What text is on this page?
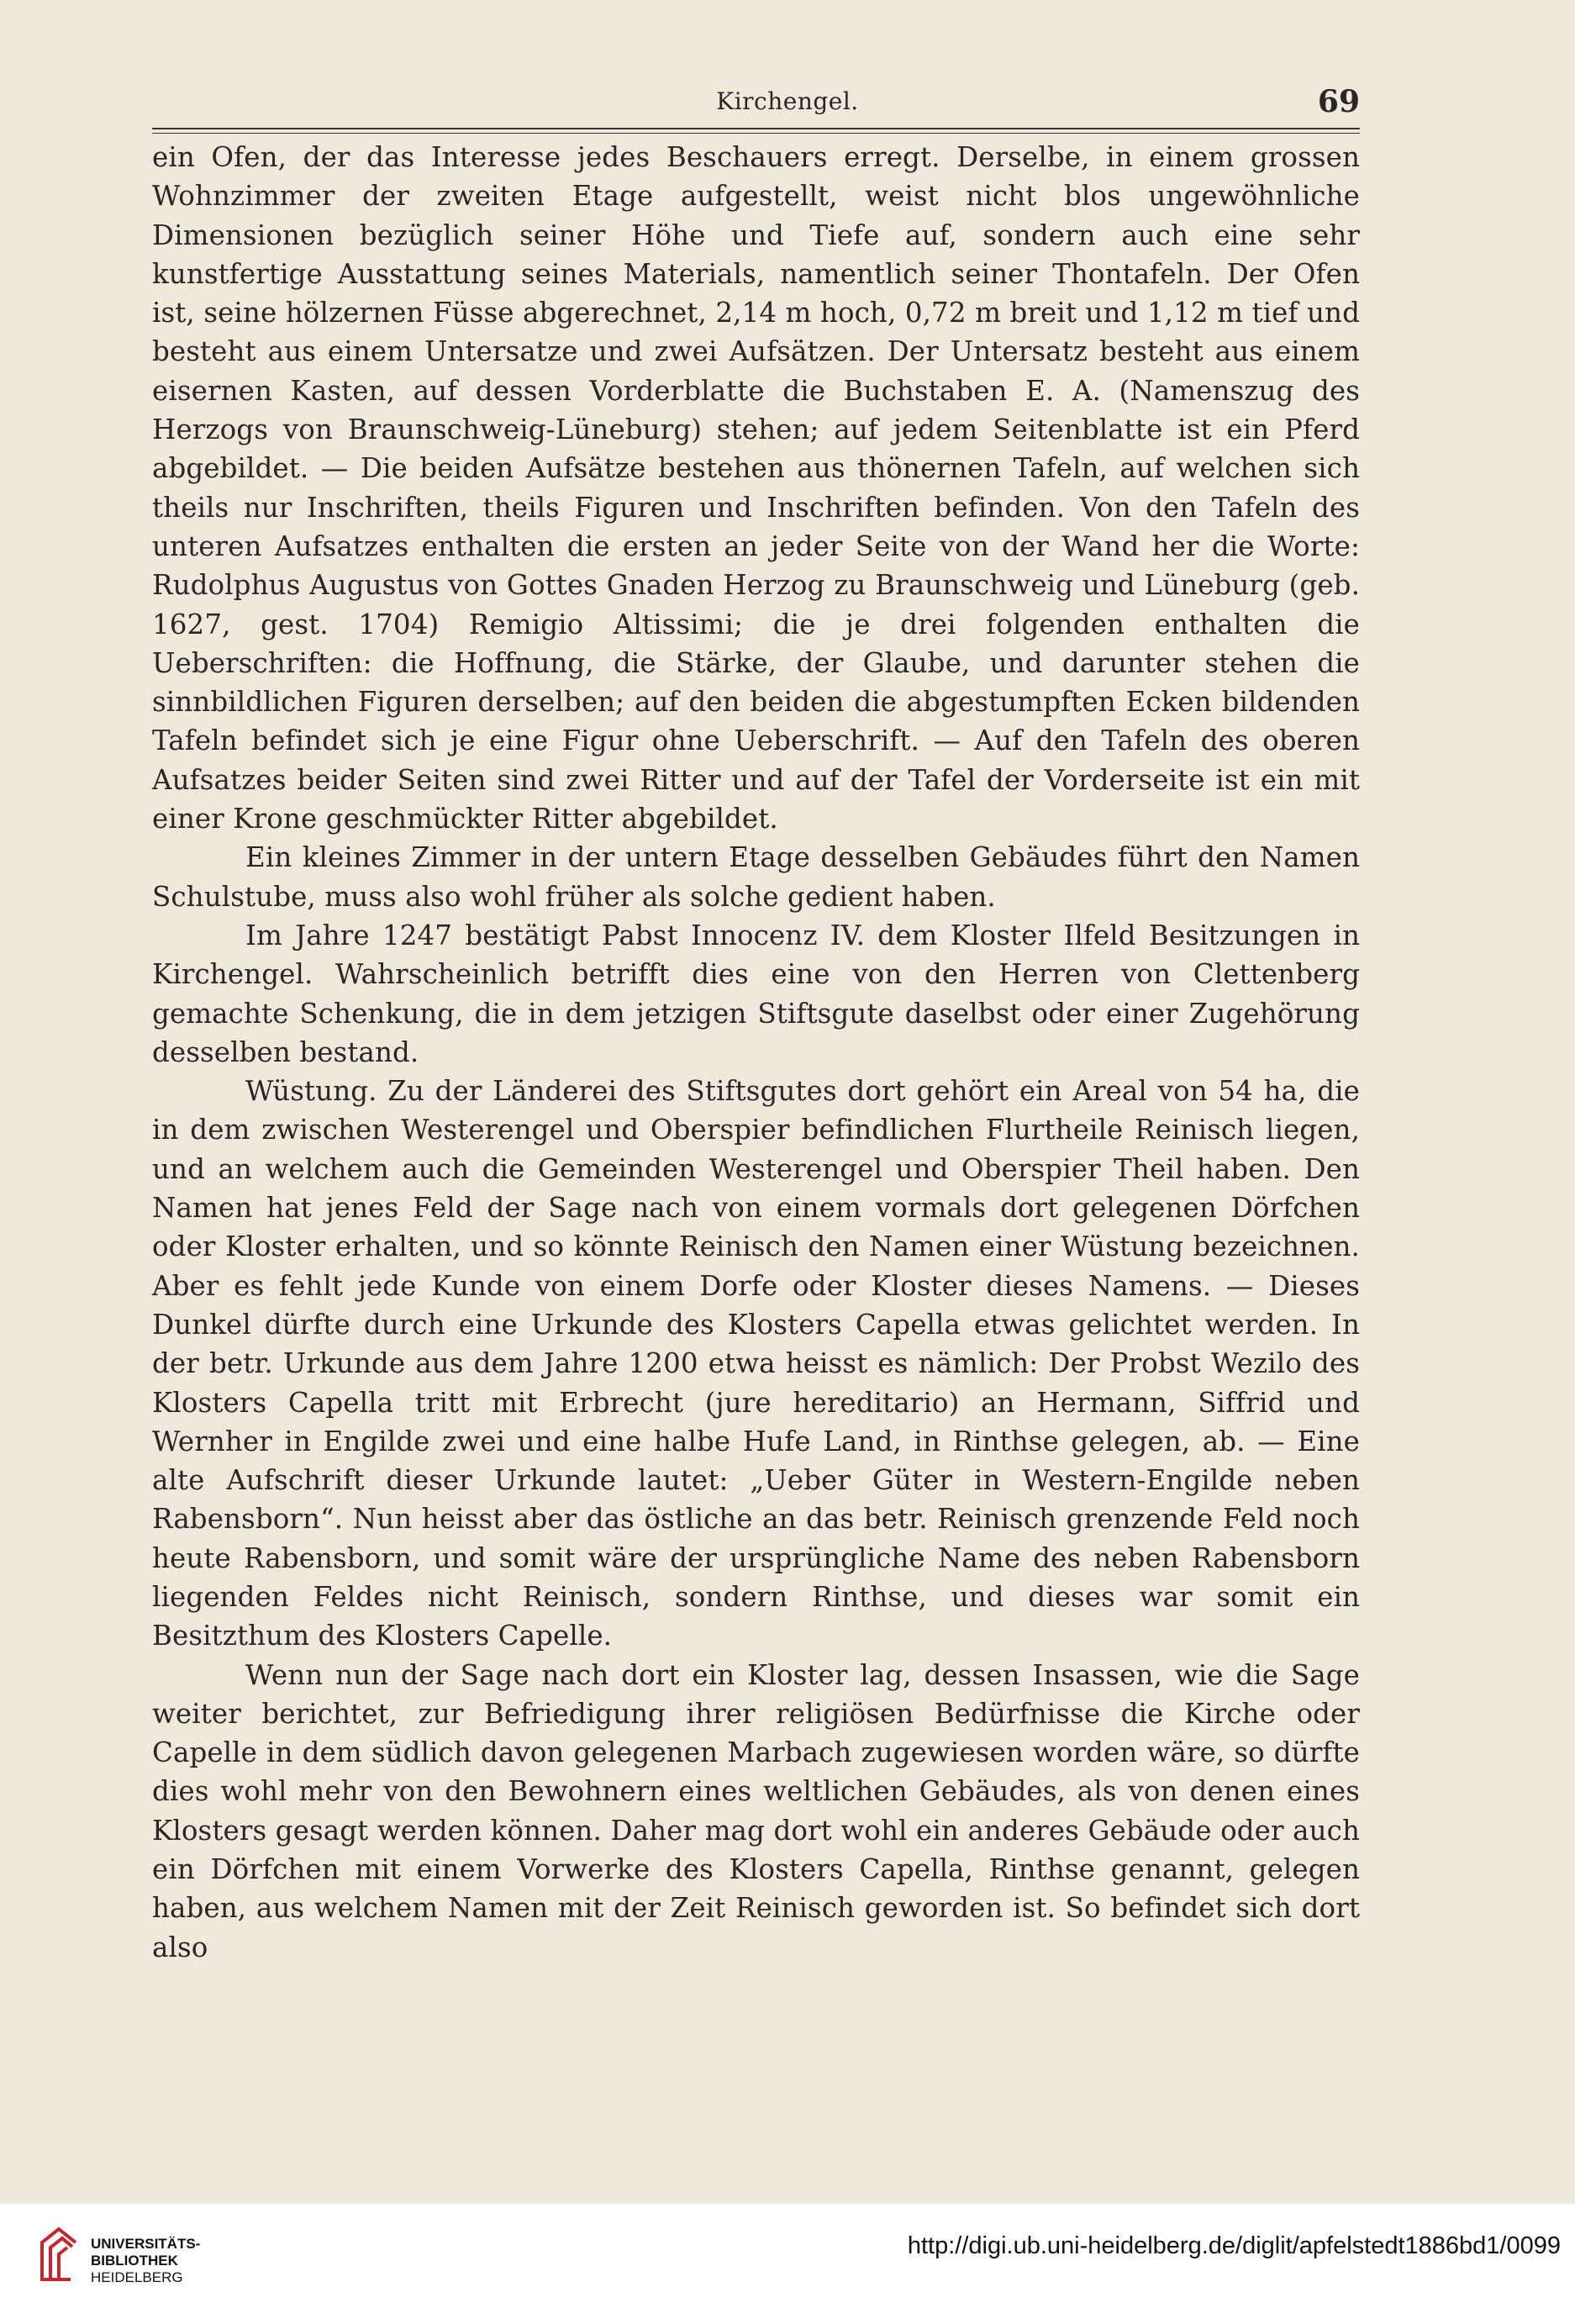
Kirchengel.	69

ein Ofen, der das Interesse jedes Beschauers erregt. Derselbe, in einem grossen Wohnzimmer der zweiten Etage aufgestellt, weist nicht blos ungewöhnliche Dimensionen bezüglich seiner Höhe und Tiefe auf, sondern auch eine sehr kunstfertige Ausstattung seines Materials, namentlich seiner Thontafeln. Der Ofen ist, seine hölzernen Füsse abgerechnet, 2,14 m hoch, 0,72 m breit und 1,12 m tief und besteht aus einem Untersatze und zwei Aufsätzen. Der Untersatz besteht aus einem eisernen Kasten, auf dessen Vorderblatte die Buchstaben E. A. (Namenszug des Herzogs von Braunschweig-Lüneburg) stehen; auf jedem Seitenblatte ist ein Pferd abgebildet. — Die beiden Aufsätze bestehen aus thönernen Tafeln, auf welchen sich theils nur Inschriften, theils Figuren und Inschriften befinden. Von den Tafeln des unteren Aufsatzes enthalten die ersten an jeder Seite von der Wand her die Worte: Rudolphus Augustus von Gottes Gnaden Herzog zu Braunschweig und Lüneburg (geb. 1627, gest. 1704) Remigio Altissimi; die je drei folgenden enthalten die Ueberschriften: die Hoffnung, die Stärke, der Glaube, und darunter stehen die sinnbildlichen Figuren derselben; auf den beiden die abgestumpften Ecken bildenden Tafeln befindet sich je eine Figur ohne Ueberschrift. — Auf den Tafeln des oberen Aufsatzes beider Seiten sind zwei Ritter und auf der Tafel der Vorderseite ist ein mit einer Krone geschmückter Ritter abgebildet.

Ein kleines Zimmer in der untern Etage desselben Gebäudes führt den Namen Schulstube, muss also wohl früher als solche gedient haben.

Im Jahre 1247 bestätigt Pabst Innocenz IV. dem Kloster Ilfeld Besitzungen in Kirchengel. Wahrscheinlich betrifft dies eine von den Herren von Clettenberg gemachte Schenkung, die in dem jetzigen Stiftsgute daselbst oder einer Zugehörung desselben bestand.

Wüstung. Zu der Länderei des Stiftsgutes dort gehört ein Areal von 54 ha, die in dem zwischen Westerengel und Oberspier befindlichen Flurtheile Reinisch liegen, und an welchem auch die Gemeinden Westerengel und Oberspier Theil haben. Den Namen hat jenes Feld der Sage nach von einem vormals dort gelegenen Dörfchen oder Kloster erhalten, und so könnte Reinisch den Namen einer Wüstung bezeichnen. Aber es fehlt jede Kunde von einem Dorfe oder Kloster dieses Namens. — Dieses Dunkel dürfte durch eine Urkunde des Klosters Capella etwas gelichtet werden. In der betr. Urkunde aus dem Jahre 1200 etwa heisst es nämlich: Der Probst Wezilo des Klosters Capella tritt mit Erbrecht (jure hereditario) an Hermann, Siffrid und Wernher in Engilde zwei und eine halbe Hufe Land, in Rinthse gelegen, ab. — Eine alte Aufschrift dieser Urkunde lautet: „Ueber Güter in Western-Engilde neben Rabensborn“. Nun heisst aber das östliche an das betr. Reinisch grenzende Feld noch heute Rabensborn, und somit wäre der ursprüngliche Name des neben Rabensborn liegenden Feldes nicht Reinisch, sondern Rinthse, und dieses war somit ein Besitzthum des Klosters Capelle.

Wenn nun der Sage nach dort ein Kloster lag, dessen Insassen, wie die Sage weiter berichtet, zur Befriedigung ihrer religiösen Bedürfnisse die Kirche oder Capelle in dem südlich davon gelegenen Marbach zugewiesen worden wäre, so dürfte dies wohl mehr von den Bewohnern eines weltlichen Gebäudes, als von denen eines Klosters gesagt werden können. Daher mag dort wohl ein anderes Gebäude oder auch ein Dörfchen mit einem Vorwerke des Klosters Capella, Rinthse genannt, gelegen haben, aus welchem Namen mit der Zeit Reinisch geworden ist. So befindet sich dort also

UNIVERSITÄTS-
BIBLIOTHEK
HEIDELBERG
http://digi.ub.uni-heidelberg.de/diglit/apfelstedt1886bd1/0099
